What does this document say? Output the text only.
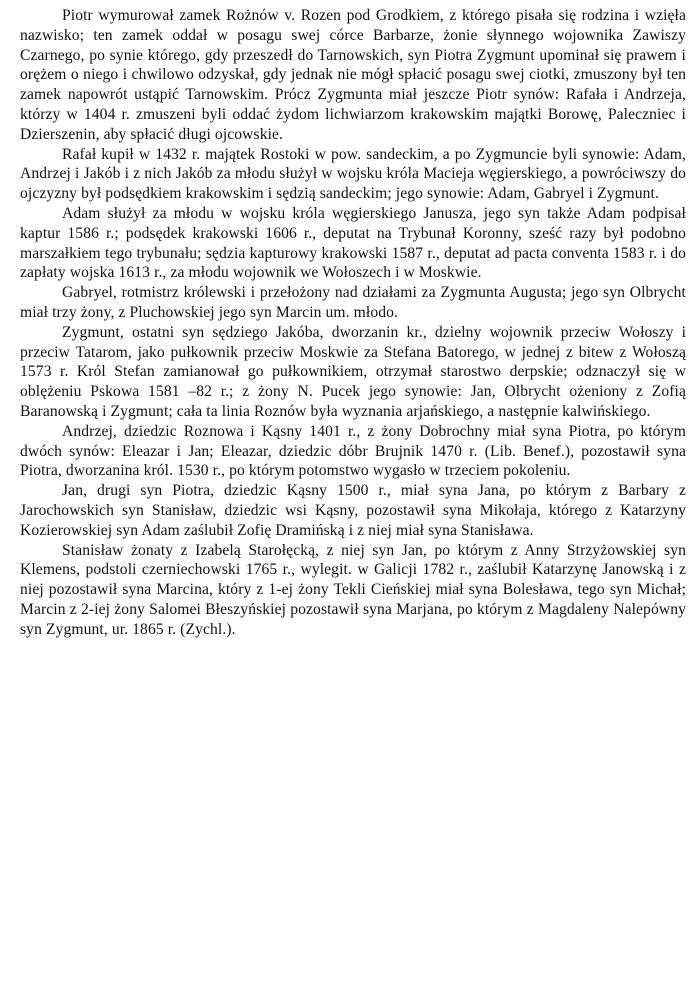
Piotr wymurował zamek Rożnów v. Rozen pod Grodkiem, z którego pisała się rodzina i wzięła nazwisko; ten zamek oddał w posagu swej córce Barbarze, żonie słynnego wojownika Zawiszy Czarnego, po synie którego, gdy przeszedł do Tarnowskich, syn Piotra Zygmunt upominał się prawem i orężem o niego i chwilowo odzyskał, gdy jednak nie mógł spłacić posagu swej ciotki, zmuszony był ten zamek napowrót ustąpić Tarnowskim. Prócz Zygmunta miał jeszcze Piotr synów: Rafała i Andrzeja, którzy w 1404 r. zmuszeni byli oddać żydom lichwiarzom krakowskim majątki Borowę, Paleczniec i Dzierszenin, aby spłacić długi ojcowskie.

Rafał kupił w 1432 r. majątek Rostoki w pow. sandeckim, a po Zygmuncie byli synowie: Adam, Andrzej i Jakób i z nich Jakób za młodu służył w wojsku króla Macieja węgierskiego, a powróciwszy do ojczyzny był podsędkiem krakowskim i sędzią sandeckim; jego synowie: Adam, Gabryel i Zygmunt.

Adam służył za młodu w wojsku króla węgierskiego Janusza, jego syn także Adam podpisał kaptur 1586 r.; podsędek krakowski 1606 r., deputat na Trybunał Koronny, sześć razy był podobno marszałkiem tego trybunału; sędzia kapturowy krakowski 1587 r., deputat ad pacta conventa 1583 r. i do zapłaty wojska 1613 r., za młodu wojownik we Wołoszech i w Moskwie.

Gabryel, rotmistrz królewski i przełożony nad działami za Zygmunta Augusta; jego syn Olbrycht miał trzy żony, z Pluchowskiej jego syn Marcin um. młodo.

Zygmunt, ostatni syn sędziego Jakóba, dworzanin kr., dzielny wojownik przeciw Wołoszy i przeciw Tatarom, jako pułkownik przeciw Moskwie za Stefana Batorego, w jednej z bitew z Wołoszą 1573 r. Król Stefan zamianował go pułkownikiem, otrzymał starostwo derpskie; odznaczył się w oblężeniu Pskowa 1581 –82 r.; z żony N. Pucek jego synowie: Jan, Olbrycht ożeniony z Zofią Baranowską i Zygmunt; cała ta linia Roznów była wyznania arjańskiego, a następnie kalwińskiego.

Andrzej, dziedzic Roznowa i Kąsny 1401 r., z żony Dobrochny miał syna Piotra, po którym dwóch synów: Eleazar i Jan; Eleazar, dziedzic dóbr Brujnik 1470 r. (Lib. Benef.), pozostawił syna Piotra, dworzanina król. 1530 r., po którym potomstwo wygasło w trzeciem pokoleniu.

Jan, drugi syn Piotra, dziedzic Kąsny 1500 r., miał syna Jana, po którym z Barbary z Jarochowskich syn Stanisław, dziedzic wsi Kąsny, pozostawił syna Mikołaja, którego z Katarzyny Kozierowskiej syn Adam zaślubił Zofię Dramińską i z niej miał syna Stanisława.

Stanisław żonaty z Izabelą Starołęcką, z niej syn Jan, po którym z Anny Strzyżowskiej syn Klemens, podstoli czerniechowski 1765 r., wylegit. w Galicji 1782 r., zaślubił Katarzynę Janowską i z niej pozostawił syna Marcina, który z 1-ej żony Tekli Cieńskiej miał syna Bolesława, tego syn Michał; Marcin z 2-iej żony Salomei Błeszyńskiej pozostawił syna Marjana, po którym z Magdaleny Nalepówny syn Zygmunt, ur. 1865 r. (Zychl.).
